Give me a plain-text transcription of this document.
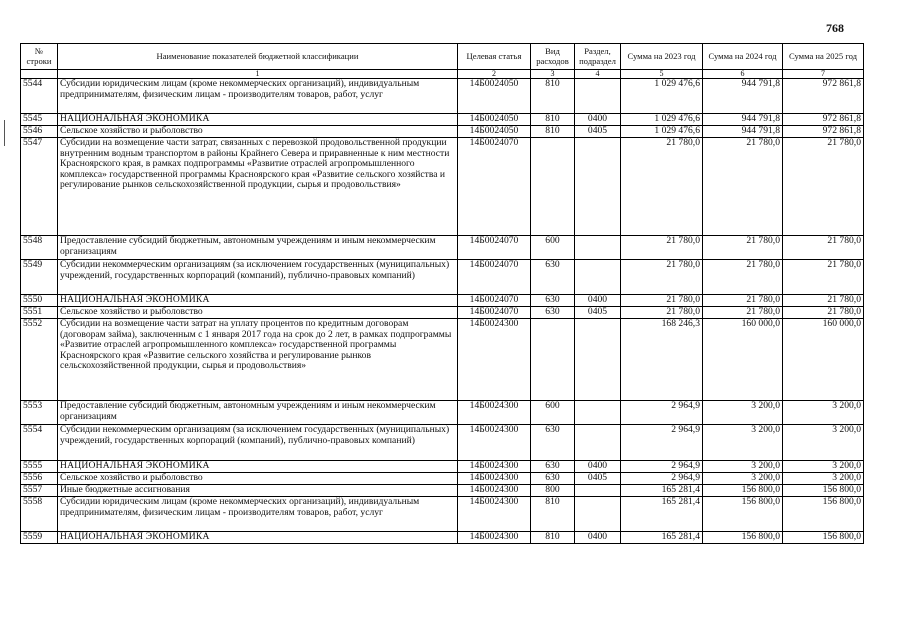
768
№ строки	Наименование показателей бюджетной классификации	Целевая статья	Вид расходов	Раздел, подраздел	Сумма на 2023 год	Сумма на 2024 год	Сумма на 2025 год
	1	2	3	4	5	6	7
5544	Субсидии юридическим лицам (кроме некоммерческих организаций), индивидуальным предпринимателям, физическим лицам - производителям товаров, работ, услуг	14Б0024050	810		1 029 476,6	944 791,8	972 861,8
5545	НАЦИОНАЛЬНАЯ ЭКОНОМИКА	14Б0024050	810	0400	1 029 476,6	944 791,8	972 861,8
5546	Сельское хозяйство и рыболовство	14Б0024050	810	0405	1 029 476,6	944 791,8	972 861,8
5547	Субсидии на возмещение части затрат, связанных с перевозкой продовольственной продукции внутренним водным транспортом в районы Крайнего Севера и приравненные к ним местности Красноярского края, в рамках подпрограммы «Развитие отраслей агропромышленного комплекса» государственной программы Красноярского края «Развитие сельского хозяйства и регулирование рынков сельскохозяйственной продукции, сырья и продовольствия»	14Б0024070			21 780,0	21 780,0	21 780,0
5548	Предоставление субсидий бюджетным, автономным учреждениям и иным некоммерческим организациям	14Б0024070	600		21 780,0	21 780,0	21 780,0
5549	Субсидии некоммерческим организациям (за исключением государственных (муниципальных) учреждений, государственных корпораций (компаний), публично-правовых компаний)	14Б0024070	630		21 780,0	21 780,0	21 780,0
5550	НАЦИОНАЛЬНАЯ ЭКОНОМИКА	14Б0024070	630	0400	21 780,0	21 780,0	21 780,0
5551	Сельское хозяйство и рыболовство	14Б0024070	630	0405	21 780,0	21 780,0	21 780,0
5552	Субсидии на возмещение части затрат на уплату процентов по кредитным договорам (договорам займа), заключенным с 1 января 2017 года на срок до 2 лет, в рамках подпрограммы «Развитие отраслей агропромышленного комплекса» государственной программы Красноярского края «Развитие сельского хозяйства и регулирование рынков сельскохозяйственной продукции, сырья и продовольствия»	14Б0024300			168 246,3	160 000,0	160 000,0
5553	Предоставление субсидий бюджетным, автономным учреждениям и иным некоммерческим организациям	14Б0024300	600		2 964,9	3 200,0	3 200,0
5554	Субсидии некоммерческим организациям (за исключением государственных (муниципальных) учреждений, государственных корпораций (компаний), публично-правовых компаний)	14Б0024300	630		2 964,9	3 200,0	3 200,0
5555	НАЦИОНАЛЬНАЯ ЭКОНОМИКА	14Б0024300	630	0400	2 964,9	3 200,0	3 200,0
5556	Сельское хозяйство и рыболовство	14Б0024300	630	0405	2 964,9	3 200,0	3 200,0
5557	Иные бюджетные ассигнования	14Б0024300	800		165 281,4	156 800,0	156 800,0
5558	Субсидии юридическим лицам (кроме некоммерческих организаций), индивидуальным предпринимателям, физическим лицам - производителям товаров, работ, услуг	14Б0024300	810		165 281,4	156 800,0	156 800,0
5559	НАЦИОНАЛЬНАЯ ЭКОНОМИКА	14Б0024300	810	0400	165 281,4	156 800,0	156 800,0
